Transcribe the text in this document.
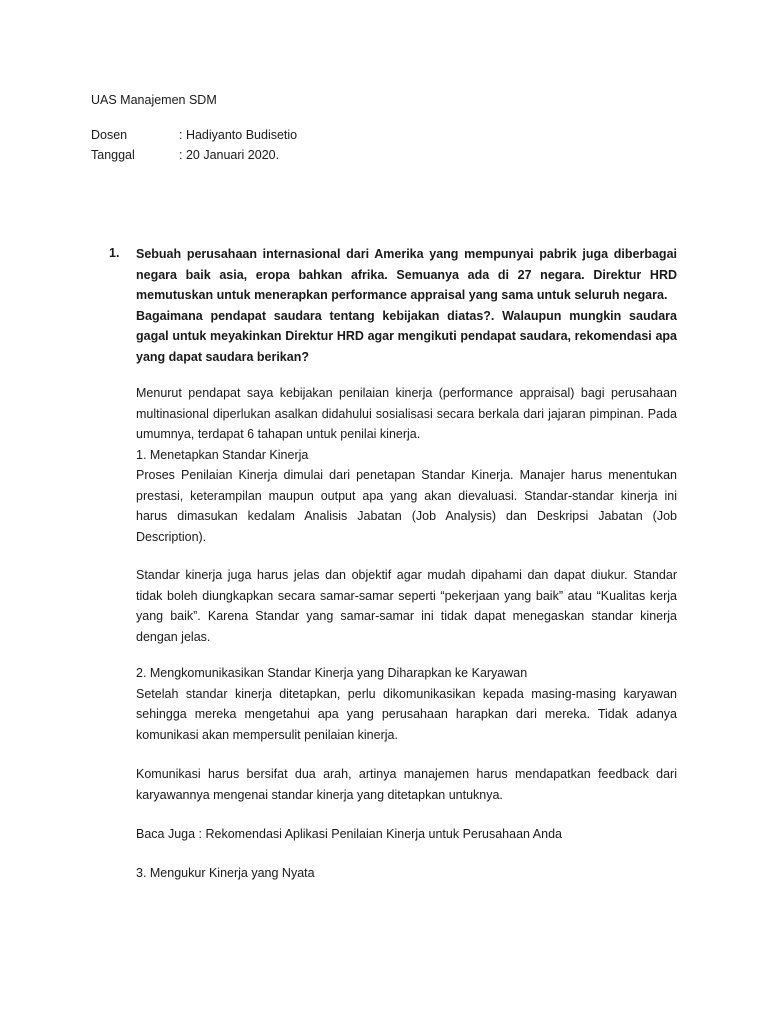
UAS Manajemen SDM
Dosen	: Hadiyanto Budisetio
Tanggal	: 20 Januari 2020.
1. Sebuah perusahaan internasional dari Amerika yang mempunyai pabrik juga diberbagai negara baik asia, eropa bahkan afrika. Semuanya ada di 27 negara. Direktur HRD memutuskan untuk menerapkan performance appraisal yang sama untuk seluruh negara.

Bagaimana pendapat saudara tentang kebijakan diatas?. Walaupun mungkin saudara gagal untuk meyakinkan Direktur HRD agar mengikuti pendapat saudara, rekomendasi apa yang dapat saudara berikan?

Menurut pendapat saya kebijakan penilaian kinerja (performance appraisal) bagi perusahaan multinasional diperlukan asalkan didahului sosialisasi secara berkala dari jajaran pimpinan. Pada umumnya, terdapat 6 tahapan untuk penilai kinerja.

1. Menetapkan Standar Kinerja

Proses Penilaian Kinerja dimulai dari penetapan Standar Kinerja. Manajer harus menentukan prestasi, keterampilan maupun output apa yang akan dievaluasi. Standar-standar kinerja ini harus dimasukan kedalam Analisis Jabatan (Job Analysis) dan Deskripsi Jabatan (Job Description).

Standar kinerja juga harus jelas dan objektif agar mudah dipahami dan dapat diukur. Standar tidak boleh diungkapkan secara samar-samar seperti “pekerjaan yang baik” atau “Kualitas kerja yang baik”. Karena Standar yang samar-samar ini tidak dapat menegaskan standar kinerja dengan jelas.

2. Mengkomunikasikan Standar Kinerja yang Diharapkan ke Karyawan

Setelah standar kinerja ditetapkan, perlu dikomunikasikan kepada masing-masing karyawan sehingga mereka mengetahui apa yang perusahaan harapkan dari mereka. Tidak adanya komunikasi akan mempersulit penilaian kinerja.

Komunikasi harus bersifat dua arah, artinya manajemen harus mendapatkan feedback dari karyawannya mengenai standar kinerja yang ditetapkan untuknya.

Baca Juga : Rekomendasi Aplikasi Penilaian Kinerja untuk Perusahaan Anda

3. Mengukur Kinerja yang Nyata
